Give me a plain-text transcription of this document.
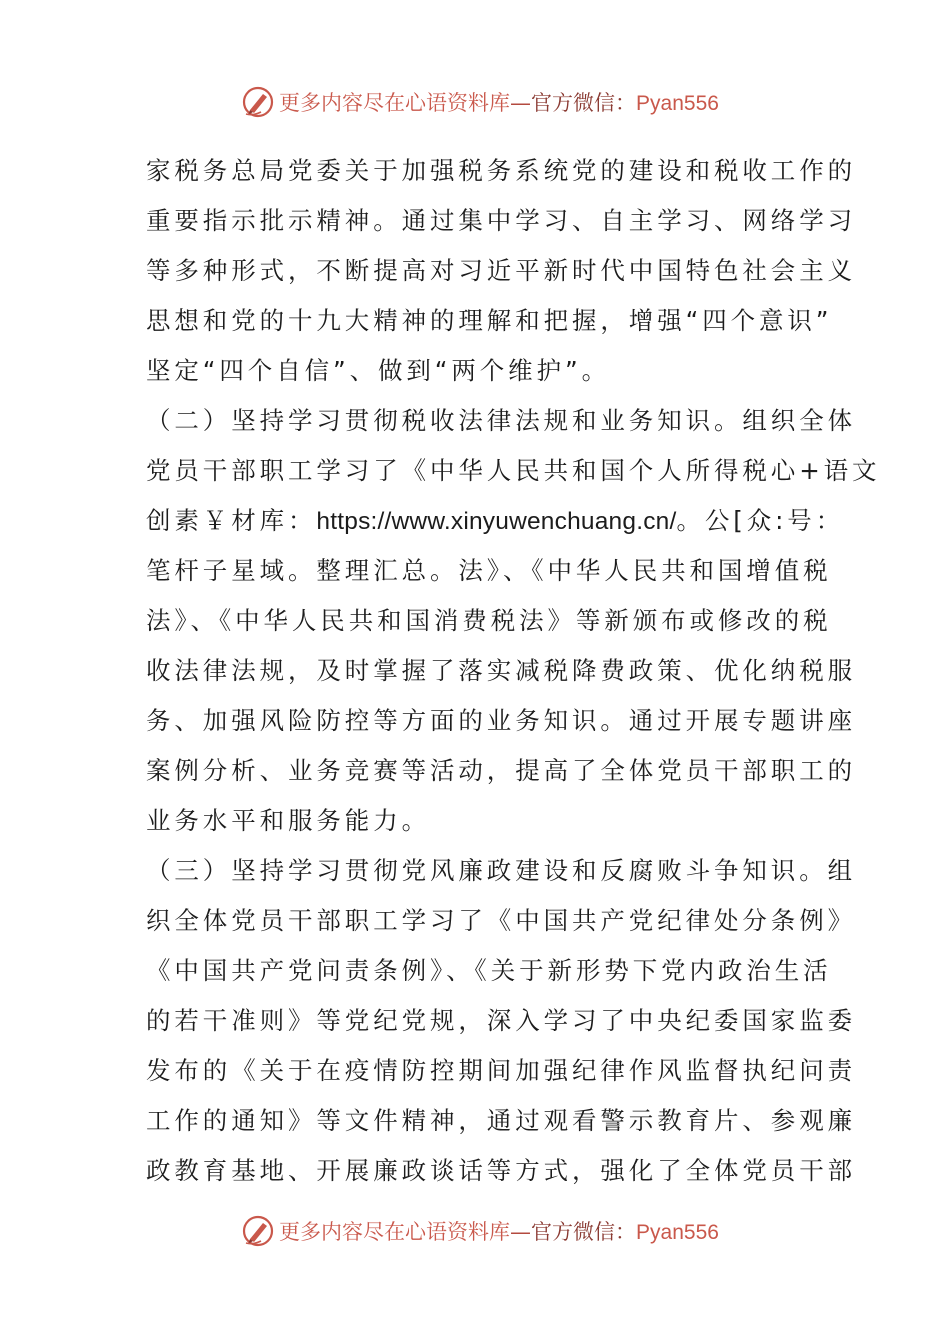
更多内容尽在心语资料库—官方微信：Pyan556
家税务总局党委关于加强税务系统党的建设和税收工作的
重要指示批示精神。通过集中学习、自主学习、网络学习
等多种形式，不断提高对习近平新时代中国特色社会主义
思想和党的十九大精神的理解和把握，增强“四个意识”
坚定“四个自信”、做到“两个维护”。
（二）坚持学习贯彻税收法律法规和业务知识。组织全体
党员干部职工学习了《中华人民共和国个人所得税心+语文
创素￥材库：https://www.xinyuwenchuang.cn/。公[众:号：
笔杆子星域。整理汇总。法》、《中华人民共和国增值税
法》、《中华人民共和国消费税法》等新颁布或修改的税
收法律法规，及时掌握了落实减税降费政策、优化纳税服
务、加强风险防控等方面的业务知识。通过开展专题讲座
案例分析、业务竞赛等活动，提高了全体党员干部职工的
业务水平和服务能力。
（三）坚持学习贯彻党风廉政建设和反腐败斗争知识。组
织全体党员干部职工学习了《中国共产党纪律处分条例》
《中国共产党问责条例》、《关于新形势下党内政治生活
的若干准则》等党纪党规，深入学习了中央纪委国家监委
发布的《关于在疫情防控期间加强纪律作风监督执纪问责
工作的通知》等文件精神，通过观看警示教育片、参观廉
政教育基地、开展廉政谈话等方式，强化了全体党员干部
更多内容尽在心语资料库—官方微信：Pyan556
